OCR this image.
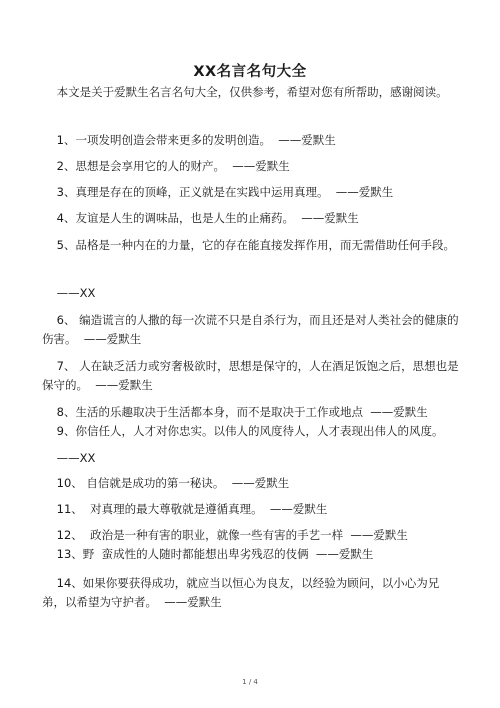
XX名言名句大全
本文是关于爱默生名言名句大全，仅供参考，希望对您有所帮助，感谢阅读。
1、一项发明创造会带来更多的发明创造。  ——爱默生
2、思想是会享用它的人的财产。  ——爱默生
3、真理是存在的顶峰，正义就是在实践中运用真理。  ——爱默生
4、友谊是人生的调味品，也是人生的止痛药。  ——爱默生
5、品格是一种内在的力量，它的存在能直接发挥作用，而无需借助任何手段。
——XX
6、 编造谎言的人撒的每一次谎不只是自杀行为，而且还是对人类社会的健康的伤害。  ——爱默生
7、 人在缺乏活力或穷奢极欲时，思想是保守的，人在酒足饭饱之后，思想也是保守的。  ——爱默生
8、生活的乐趣取决于生活都本身，而不是取决于工作或地点  ——爱默生
9、你信任人，人才对你忠实。以伟人的风度待人，人才表现出伟人的风度。
——XX
10、 自信就是成功的第一秘诀。  ——爱默生
11、  对真理的最大尊敬就是遵循真理。  ——爱默生
12、  政治是一种有害的职业，就像一些有害的手艺一样  ——爱默生
13、野  蛮成性的人随时都能想出卑劣残忍的伎俩  ——爱默生
14、如果你要获得成功，就应当以恒心为良友，以经验为顾问，以小心为兄弟，以希望为守护者。  ——爱默生
1 / 4
